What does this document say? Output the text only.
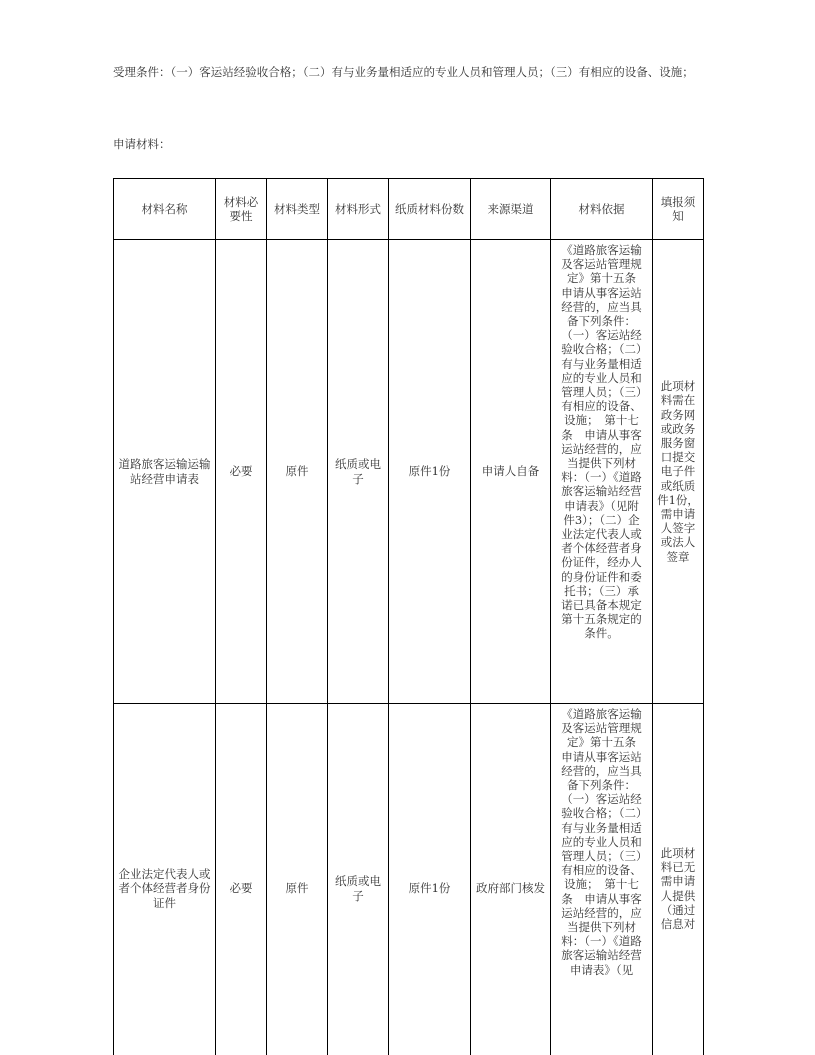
受理条件：（一）客运站经验收合格；（二）有与业务量相适应的专业人员和管理人员；（三）有相应的设备、设施；

申请材料：

材料名称	材料必要性	材料类型	材料形式	纸质材料份数	来源渠道	材料依据	填报须知
道路旅客运输运输站经营申请表	必要	原件	纸质或电子	原件1份	申请人自备	《道路旅客运输及客运站管理规定》第十五条　申请从事客运站经营的，应当具备下列条件：（一）客运站经验收合格；（二）有与业务量相适应的专业人员和管理人员；（三）有相应的设备、设施；　第十七条　申请从事客运站经营的，应当提供下列材料：（一）《道路旅客运输站经营申请表》（见附件3）；（二）企业法定代表人或者个体经营者身份证件，经办人的身份证件和委托书；（三）承诺已具备本规定第十五条规定的条件。	此项材料需在政务网或政务服务窗口提交电子件或纸质件1份，需申请人签字或法人签章
企业法定代表人或者个体经营者身份证件	必要	原件	纸质或电子	原件1份	政府部门核发	《道路旅客运输及客运站管理规定》第十五条　申请从事客运站经营的，应当具备下列条件：（一）客运站经验收合格；（二）有与业务量相适应的专业人员和管理人员；（三）有相应的设备、设施；　第十七条　申请从事客运站经营的，应当提供下列材料：（一）《道路旅客运输站经营申请表》（见	此项材料已无需申请人提供（通过信息对
